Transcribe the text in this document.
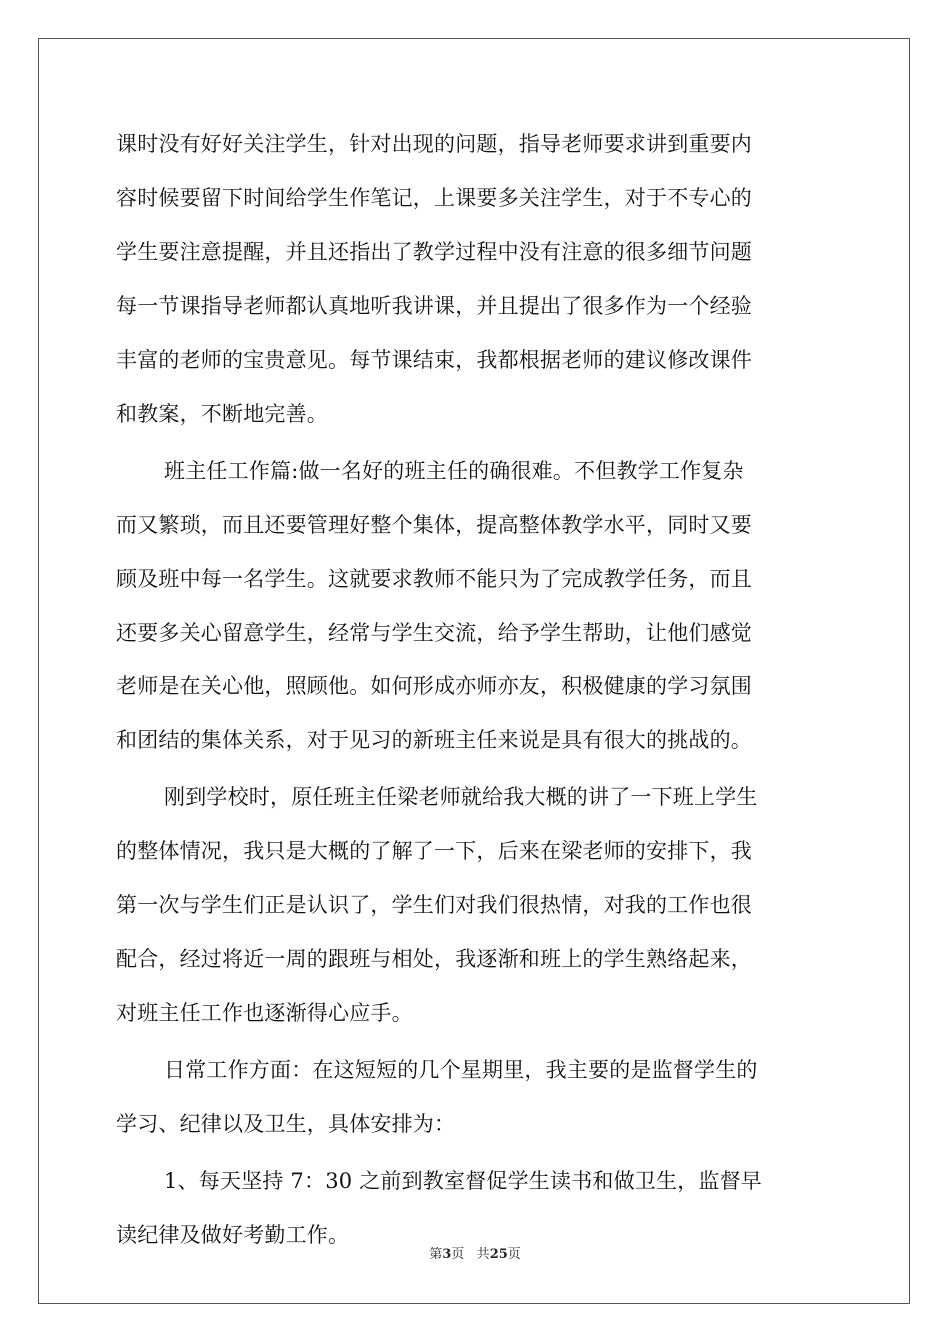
课时没有好好关注学生，针对出现的问题，指导老师要求讲到重要内
容时候要留下时间给学生作笔记，上课要多关注学生，对于不专心的
学生要注意提醒，并且还指出了教学过程中没有注意的很多细节问题
每一节课指导老师都认真地听我讲课，并且提出了很多作为一个经验
丰富的老师的宝贵意见。每节课结束，我都根据老师的建议修改课件
和教案，不断地完善。
班主任工作篇:做一名好的班主任的确很难。不但教学工作复杂
而又繁琐，而且还要管理好整个集体，提高整体教学水平，同时又要
顾及班中每一名学生。这就要求教师不能只为了完成教学任务，而且
还要多关心留意学生，经常与学生交流，给予学生帮助，让他们感觉
老师是在关心他，照顾他。如何形成亦师亦友，积极健康的学习氛围
和团结的集体关系，对于见习的新班主任来说是具有很大的挑战的。
刚到学校时，原任班主任梁老师就给我大概的讲了一下班上学生
的整体情况，我只是大概的了解了一下，后来在梁老师的安排下，我
第一次与学生们正是认识了，学生们对我们很热情，对我的工作也很
配合，经过将近一周的跟班与相处，我逐渐和班上的学生熟络起来，
对班主任工作也逐渐得心应手。
日常工作方面：在这短短的几个星期里，我主要的是监督学生的
学习、纪律以及卫生，具体安排为：
1、每天坚持 7：30 之前到教室督促学生读书和做卫生，监督早
读纪律及做好考勤工作。
第3页 共25页
